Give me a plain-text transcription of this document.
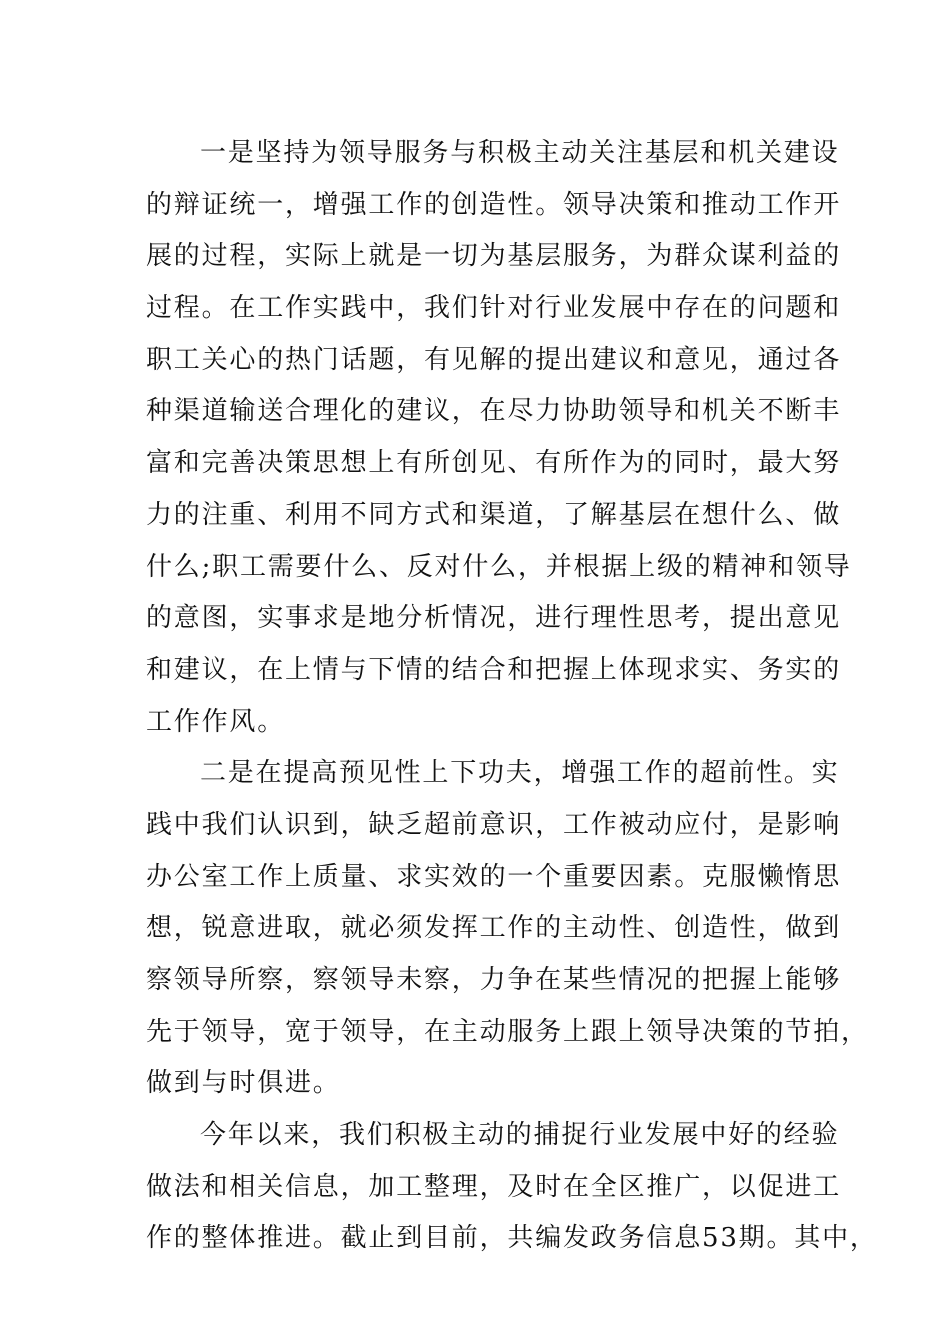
一是坚持为领导服务与积极主动关注基层和机关建设
的辩证统一，增强工作的创造性。领导决策和推动工作开
展的过程，实际上就是一切为基层服务，为群众谋利益的
过程。在工作实践中，我们针对行业发展中存在的问题和
职工关心的热门话题，有见解的提出建议和意见，通过各
种渠道输送合理化的建议，在尽力协助领导和机关不断丰
富和完善决策思想上有所创见、有所作为的同时，最大努
力的注重、利用不同方式和渠道，了解基层在想什么、做
什么;职工需要什么、反对什么，并根据上级的精神和领导
的意图，实事求是地分析情况，进行理性思考，提出意见
和建议，在上情与下情的结合和把握上体现求实、务实的
工作作风。
二是在提高预见性上下功夫，增强工作的超前性。实
践中我们认识到，缺乏超前意识，工作被动应付，是影响
办公室工作上质量、求实效的一个重要因素。克服懒惰思
想，锐意进取，就必须发挥工作的主动性、创造性，做到
察领导所察，察领导未察，力争在某些情况的把握上能够
先于领导，宽于领导，在主动服务上跟上领导决策的节拍，
做到与时俱进。
今年以来，我们积极主动的捕捉行业发展中好的经验
做法和相关信息，加工整理，及时在全区推广，以促进工
作的整体推进。截止到目前，共编发政务信息53期。其中，
